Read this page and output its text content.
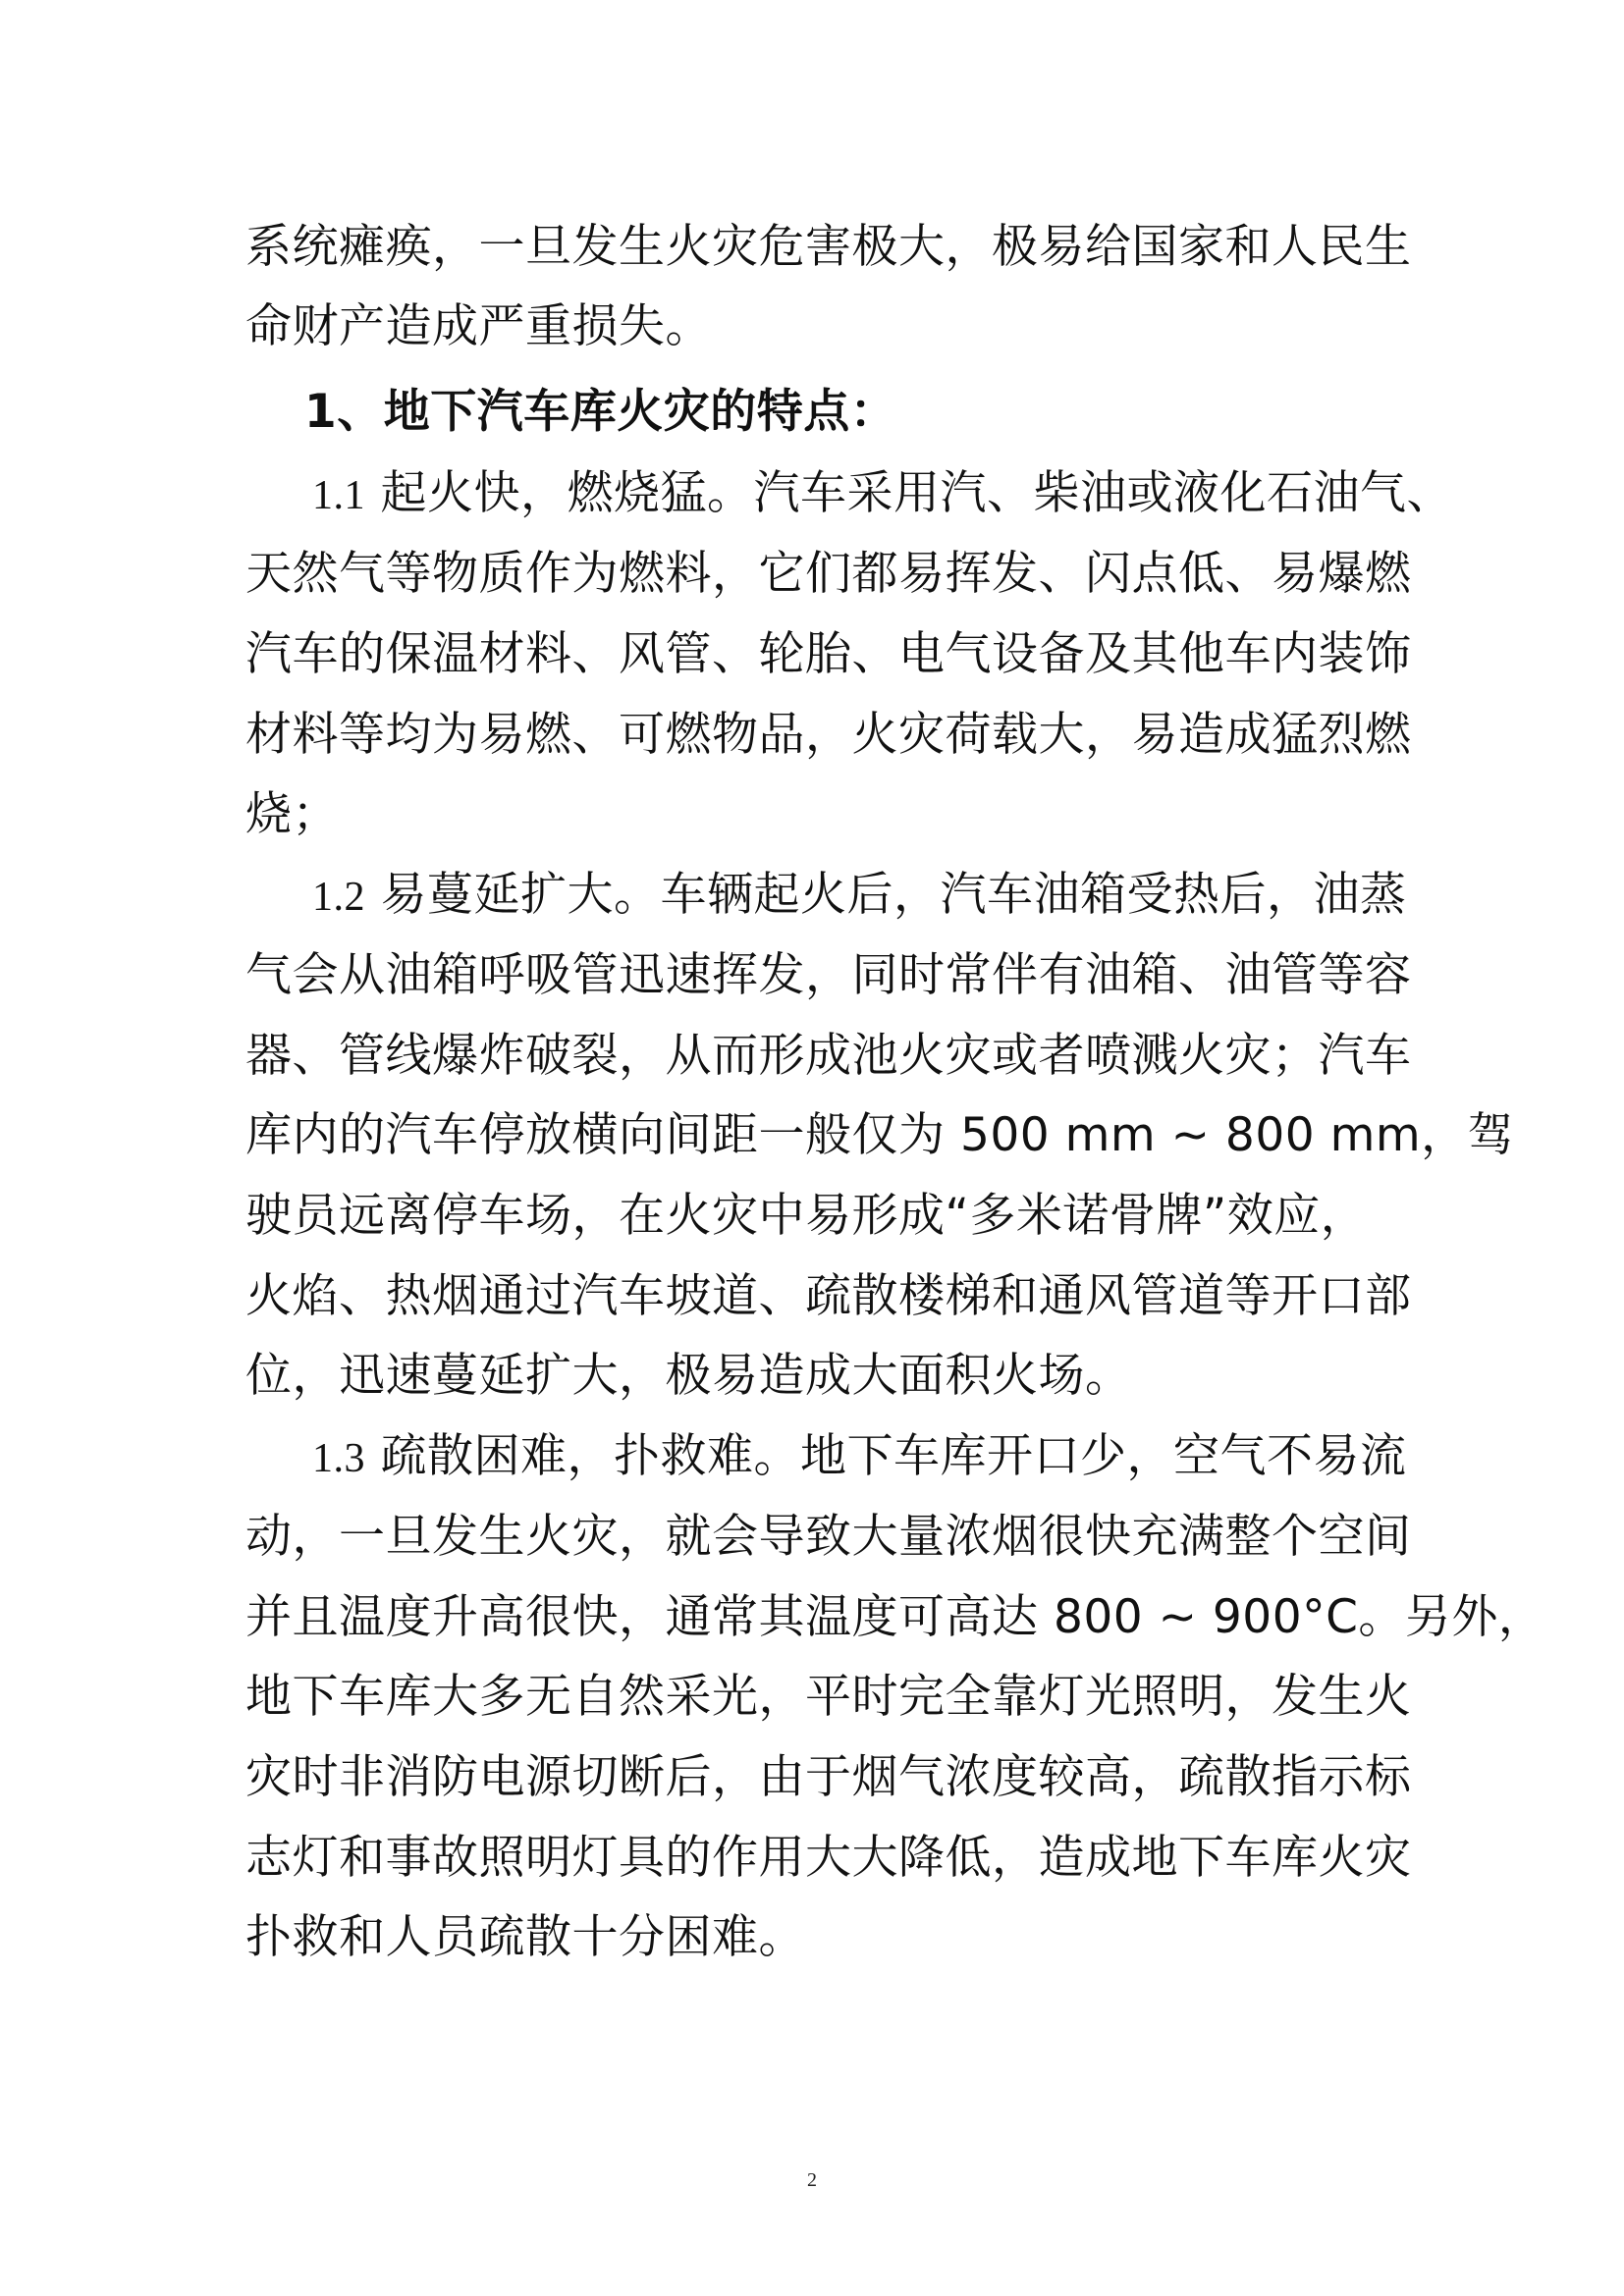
系统瘫痪，一旦发生火灾危害极大，极易给国家和人民生
命财产造成严重损失。
1、地下汽车库火灾的特点：
1.1 起火快，燃烧猛。汽车采用汽、柴油或液化石油气、
天然气等物质作为燃料，它们都易挥发、闪点低、易爆燃
汽车的保温材料、风管、轮胎、电气设备及其他车内装饰
材料等均为易燃、可燃物品，火灾荷载大，易造成猛烈燃
烧；
1.2 易蔓延扩大。车辆起火后，汽车油箱受热后，油蒸
气会从油箱呼吸管迅速挥发，同时常伴有油箱、油管等容
器、管线爆炸破裂，从而形成池火灾或者喷溅火灾；汽车
库内的汽车停放横向间距一般仅为 500 mm ~ 800 mm，驾
驶员远离停车场，在火灾中易形成“多米诺骨牌”效应，
火焰、热烟通过汽车坡道、疏散楼梯和通风管道等开口部
位，迅速蔓延扩大，极易造成大面积火场。
1.3 疏散困难，扑救难。地下车库开口少，空气不易流
动，一旦发生火灾，就会导致大量浓烟很快充满整个空间
并且温度升高很快，通常其温度可高达 800 ~ 900°C。另外，
地下车库大多无自然采光，平时完全靠灯光照明，发生火
灾时非消防电源切断后，由于烟气浓度较高，疏散指示标
志灯和事故照明灯具的作用大大降低，造成地下车库火灾
扑救和人员疏散十分困难。
2
